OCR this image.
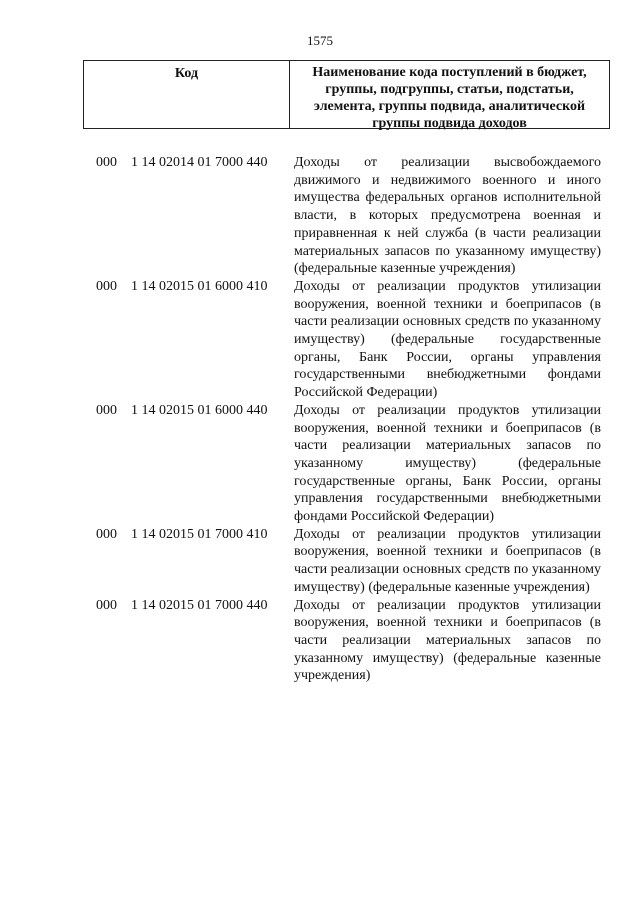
1575
Код	Наименование кода поступлений в бюджет, группы, подгруппы, статьи, подстатьи, элемента, группы подвида, аналитической группы подвида доходов
000	1 14 02014 01 7000 440	Доходы от реализации высвобождаемого движимого и недвижимого военного и иного имущества федеральных органов исполнительной власти, в которых предусмотрена военная и приравненная к ней служба (в части реализации материальных запасов по указанному имуществу) (федеральные казенные учреждения)
000	1 14 02015 01 6000 410	Доходы от реализации продуктов утилизации вооружения, военной техники и боеприпасов (в части реализации основных средств по указанному имуществу) (федеральные государственные органы, Банк России, органы управления государственными внебюджетными фондами Российской Федерации)
000	1 14 02015 01 6000 440	Доходы от реализации продуктов утилизации вооружения, военной техники и боеприпасов (в части реализации материальных запасов по указанному имуществу) (федеральные государственные органы, Банк России, органы управления государственными внебюджетными фондами Российской Федерации)
000	1 14 02015 01 7000 410	Доходы от реализации продуктов утилизации вооружения, военной техники и боеприпасов (в части реализации основных средств по указанному имуществу) (федеральные казенные учреждения)
000	1 14 02015 01 7000 440	Доходы от реализации продуктов утилизации вооружения, военной техники и боеприпасов (в части реализации материальных запасов по указанному имуществу) (федеральные казенные учреждения)
